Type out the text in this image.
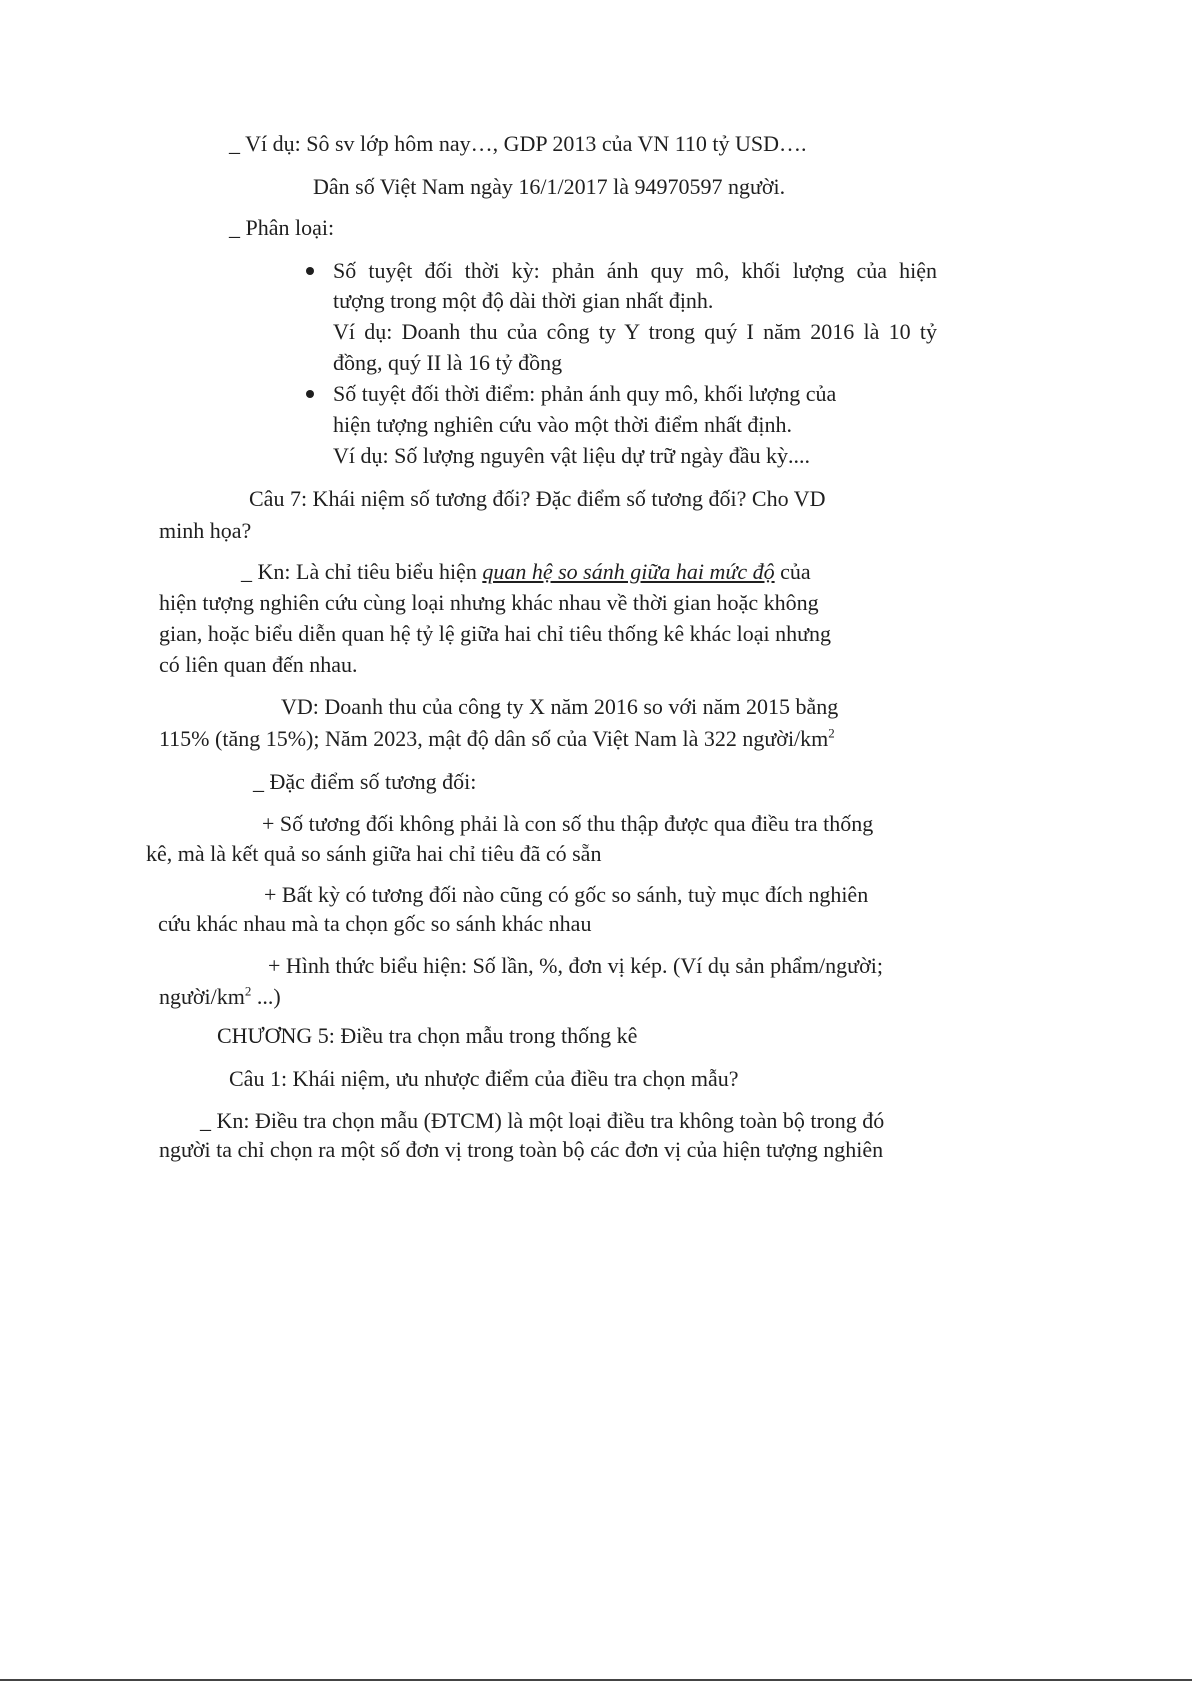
_ Ví dụ: Sô sv lớp hôm nay…, GDP 2013 của VN 110 tỷ USD….
Dân số Việt Nam ngày 16/1/2017 là 94970597 người.
_ Phân loại:
Số tuyệt đối thời kỳ: phản ánh quy mô, khối lượng của hiện
tượng trong một độ dài thời gian nhất định.
Ví dụ: Doanh thu của công ty Y trong quý I năm 2016 là 10 tỷ
đồng, quý II là 16 tỷ đồng
Số tuyệt đối thời điểm: phản ánh quy mô, khối lượng của
hiện tượng nghiên cứu vào một thời điểm nhất định.
Ví dụ: Số lượng nguyên vật liệu dự trữ ngày đầu kỳ....
Câu 7: Khái niệm số tương đối? Đặc điểm số tương đối? Cho VD
minh họa?
_ Kn: Là chỉ tiêu biểu hiện quan hệ so sánh giữa hai mức độ của
hiện tượng nghiên cứu cùng loại nhưng khác nhau về thời gian hoặc không
gian, hoặc biểu diễn quan hệ tỷ lệ giữa hai chỉ tiêu thống kê khác loại nhưng
có liên quan đến nhau.
VD: Doanh thu của công ty X năm 2016 so với năm 2015 bằng
115% (tăng 15%); Năm 2023, mật độ dân số của Việt Nam là 322 người/$km^2$
_ Đặc điểm số tương đối:
+ Số tương đối không phải là con số thu thập được qua điều tra thống
kê, mà là kết quả so sánh giữa hai chỉ tiêu đã có sẵn
+ Bất kỳ có tương đối nào cũng có gốc so sánh, tuỳ mục đích nghiên
cứu khác nhau mà ta chọn gốc so sánh khác nhau
+ Hình thức biểu hiện: Số lần, %, đơn vị kép. (Ví dụ sản phẩm/người;
người/$km^2$ ...)
CHƯƠNG 5: Điều tra chọn mẫu trong thống kê
Câu 1: Khái niệm, ưu nhược điểm của điều tra chọn mẫu?
_ Kn: Điều tra chọn mẫu (ĐTCM) là một loại điều tra không toàn bộ trong đó
người ta chỉ chọn ra một số đơn vị trong toàn bộ các đơn vị của hiện tượng nghiên
